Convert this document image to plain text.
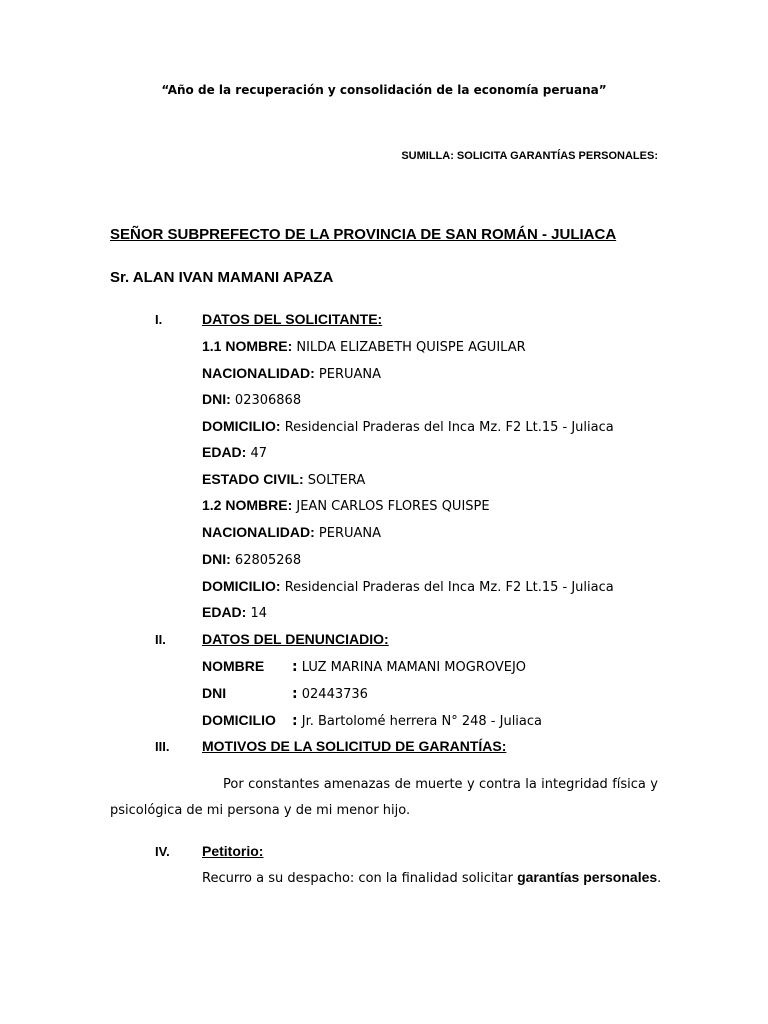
“Año de la recuperación y consolidación de la economía peruana”
SUMILLA: SOLICITA GARANTÍAS PERSONALES:
SEÑOR SUBPREFECTO DE LA PROVINCIA DE SAN ROMÁN - JULIACA
Sr. ALAN IVAN MAMANI APAZA
I.	DATOS DEL SOLICITANTE:
1.1 NOMBRE: NILDA ELIZABETH QUISPE AGUILAR
NACIONALIDAD: PERUANA
DNI: 02306868
DOMICILIO: Residencial Praderas del Inca Mz. F2 Lt.15 - Juliaca
EDAD: 47
ESTADO CIVIL: SOLTERA
1.2 NOMBRE: JEAN CARLOS FLORES QUISPE
NACIONALIDAD: PERUANA
DNI: 62805268
DOMICILIO: Residencial Praderas del Inca Mz. F2 Lt.15 - Juliaca
EDAD: 14
II.	DATOS DEL DENUNCIADIO:
NOMBRE : LUZ MARINA MAMANI MOGROVEJO
DNI	: 02443736
DOMICILIO : Jr. Bartolomé herrera N° 248 - Juliaca
III. MOTIVOS DE LA SOLICITUD DE GARANTÍAS:
Por constantes amenazas de muerte y contra la integridad física y
psicológica de mi persona y de mi menor hijo.
IV. Petitorio:
Recurro a su despacho: con la finalidad solicitar garantías personales.
